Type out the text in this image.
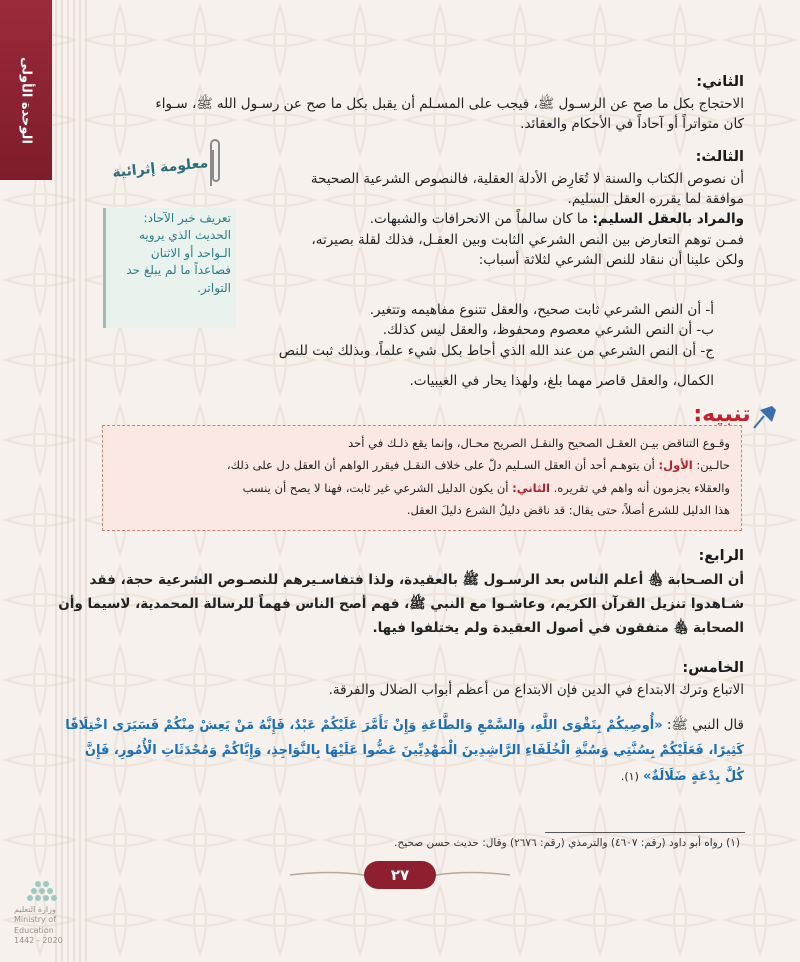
الوحدة الأولى	الثاني:
الاحتجاج بكل ما صح عن الرسـول ﷺ، فيجب على المسـلم أن يقبل بكل ما صح عن رسـول الله ﷺ، سـواء
كان متواتراً أو آحاداً في الأحكام والعقائد.
معلومة إثرائية
تعريف خبر الآحاد:
الحديث الذي يرويه
الـواحد أو الاثنان
فصاعداً ما لم يبلغ حد
التواتر.
الثالث:
أن نصوص الكتاب والسنة لا تُعَارِض الأدلة العقلية، فالنصوص الشرعية الصحيحة
موافقة لما يقرره العقل السليم.
والمراد بالعقل السليم: ما كان سالماً من الانحرافات والشبهات.
فمـن توهم التعارض بين النص الشرعي الثابت وبين العقـل، فذلك لقلة بصيرته،
ولكن علينا أن ننقاد للنص الشرعي لثلاثة أسباب:
أ- أن النص الشرعي ثابت صحيح، والعقل تتنوع مفاهيمه وتتغير.
ب- أن النص الشرعي معصوم ومحفوظ، والعقل ليس كذلك.
ج- أن النص الشرعي من عند الله الذي أحاط بكل شيء علماً، وبذلك ثبت للنص
الكمال، والعقل قاصر مهما بلغ، ولهذا يحار في الغيبيات.
تنبيه:
وقـوع التناقض بيـن العقـل الصحيح والنقـل الصريح محـال، وإنما يقع ذلـك في أحد
حالـين: الأول: أن يتوهـم أحد أن العقل السـليم دلّ على خلاف النقـل فيقرر الواهم أن العقل دل على ذلك،
والعقلاء يجزمون أنه واهم في تقريره. الثاني: أن يكون الدليل الشرعي غير ثابت، فهنا لا يصح أن ينسب
هذا الدليل للشرع أصلاً، حتى يقال: قد ناقض دليلُ الشرع دليلَ العقل.
الرابع:
أن الصـحابة ﵃ أعلم الناس بعد الرسـول ﷺ بالعقيدة، ولذا فتفاسـيرهم للنصـوص الشرعية حجة، فقد
شـاهدوا تنزيل القرآن الكريم، وعاشـوا مع النبي ﷺ، فهم أصح الناس فهماً للرسالة المحمدية، لاسيما وأن
الصحابة ﵃ متفقون في أصول العقيدة ولم يختلفوا فيها.
الخامس:
الاتباع وترك الابتداع في الدين فإن الابتداع من أعظم أبواب الضلال والفرقة.
قال النبي ﷺ: «أُوصِيكُمْ بِتَقْوَى اللَّهِ، وَالسَّمْعِ وَالطَّاعَةِ وَإِنْ تَأَمَّرَ عَلَيْكُمْ عَبْدٌ، فَإِنَّهُ مَنْ يَعِشْ مِنْكُمْ فَسَيَرَى اخْتِلَافًا
كَثِيرًا، فَعَلَيْكُمْ بِسُنَّتِي وَسُنَّةِ الْخُلَفَاءِ الرَّاشِدِينَ الْمَهْدِيِّينَ عَضُّوا عَلَيْهَا بِالنَّوَاجِذِ، وَإِيَّاكُمْ وَمُحْدَثَاتِ الْأُمُورِ، فَإِنَّ
كُلَّ بِدْعَةٍ ضَلَالَةٌ» (١).
(١) رواه أبو داود (رقم: ٤٦٠٧) والترمذي (رقم: ٢٦٧٦) وقال: حديث حسن صحيح.
٢٧
وزارة التعليم
Ministry of Education
2020 - 1442
